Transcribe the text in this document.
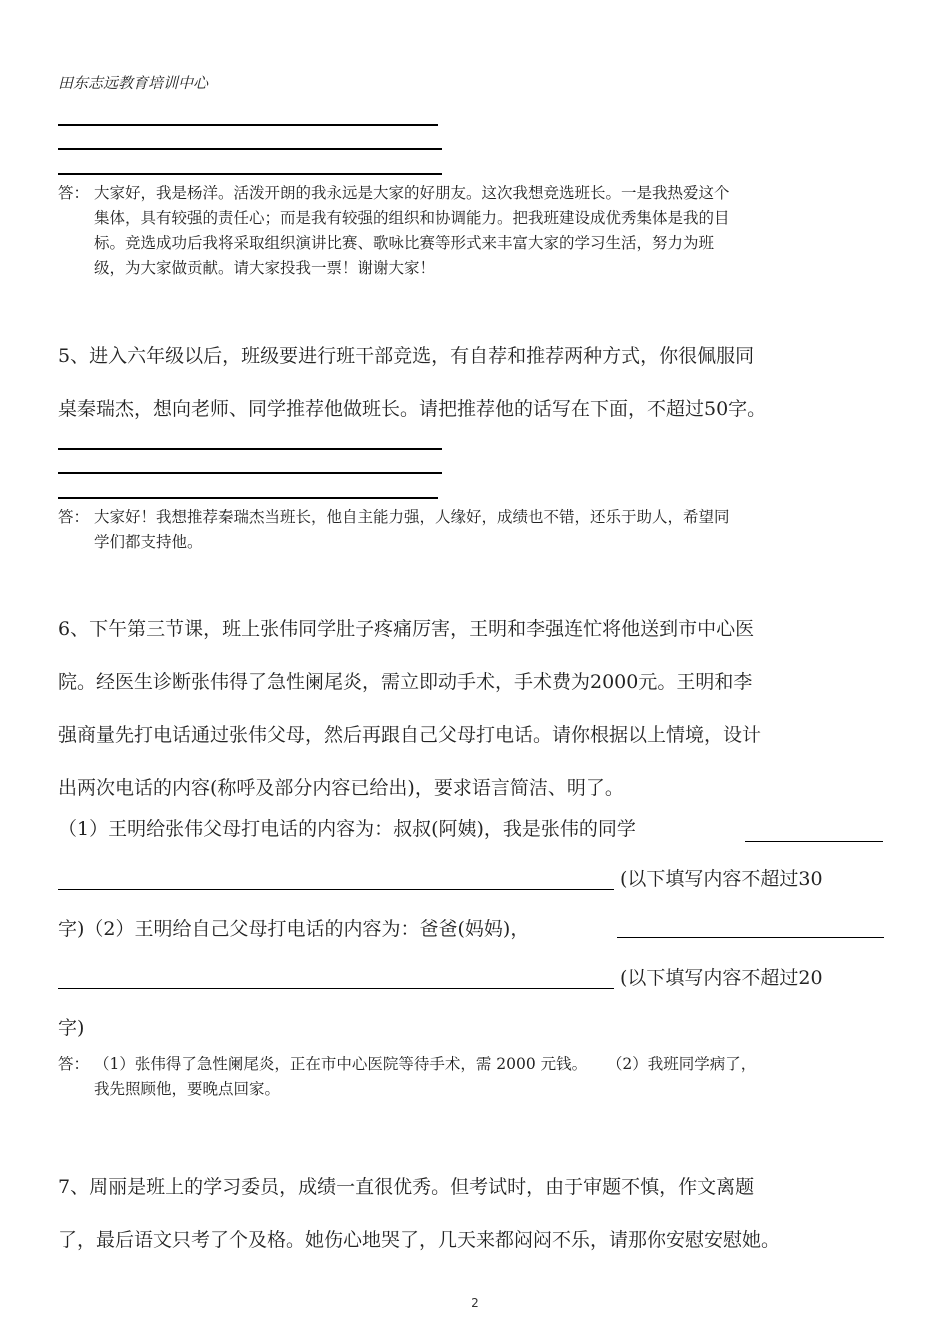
田东志远教育培训中心
答： 大家好，我是杨洋。活泼开朗的我永远是大家的好朋友。这次我想竞选班长。一是我热爱这个
集体，具有较强的责任心；而是我有较强的组织和协调能力。把我班建设成优秀集体是我的目
标。竞选成功后我将采取组织演讲比赛、歌咏比赛等形式来丰富大家的学习生活，努力为班
级，为大家做贡献。请大家投我一票！谢谢大家！
5、进入六年级以后，班级要进行班干部竞选，有自荐和推荐两种方式，你很佩服同
桌秦瑞杰，想向老师、同学推荐他做班长。请把推荐他的话写在下面，不超过50字。
答： 大家好！我想推荐秦瑞杰当班长，他自主能力强，人缘好，成绩也不错，还乐于助人，希望同
学们都支持他。
6、下午第三节课，班上张伟同学肚子疼痛厉害，王明和李强连忙将他送到市中心医
院。经医生诊断张伟得了急性阑尾炎，需立即动手术，手术费为2000元。王明和李
强商量先打电话通过张伟父母，然后再跟自己父母打电话。请你根据以上情境，设计
出两次电话的内容(称呼及部分内容已给出)，要求语言简洁、明了。
（1）王明给张伟父母打电话的内容为：叔叔(阿姨)，我是张伟的同学
(以下填写内容不超过30
字)（2）王明给自己父母打电话的内容为：爸爸(妈妈)，
(以下填写内容不超过20
字)
答： （1）张伟得了急性阑尾炎，正在市中心医院等待手术，需 2000 元钱。    （2）我班同学病了，
我先照顾他，要晚点回家。
7、周丽是班上的学习委员，成绩一直很优秀。但考试时，由于审题不慎，作文离题
了，最后语文只考了个及格。她伤心地哭了，几天来都闷闷不乐，请那你安慰安慰她。
2
